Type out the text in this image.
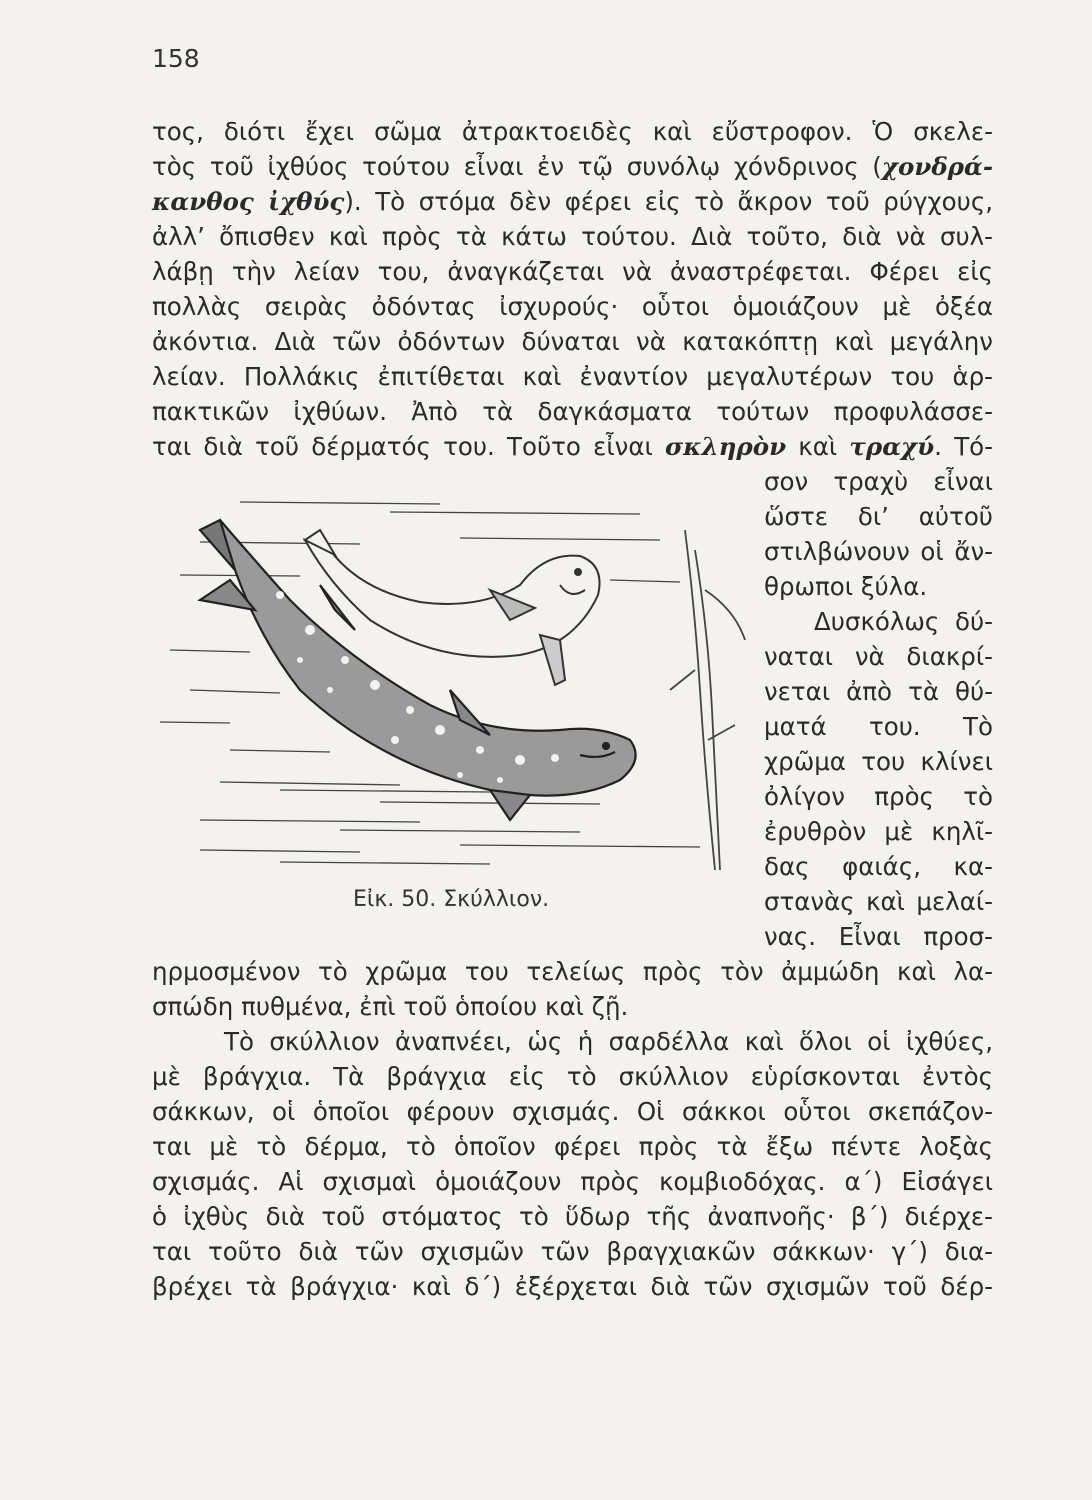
158
τος, διότι ἔχει σῶμα ἀτρακτοειδὲς καὶ εὔστροφον. Ὁ σκελε-
τὸς τοῦ ἰχθύος τούτου εἶναι ἐν τῷ συνόλῳ χόνδρινος (χονδρά-
κανθος ἰχθύς). Τὸ στόμα δὲν φέρει εἰς τὸ ἄκρον τοῦ ρύγχους,
ἀλλ’ ὄπισθεν καὶ πρὸς τὰ κάτω τούτου. Διὰ τοῦτο, διὰ νὰ συλ-
λάβῃ τὴν λείαν του, ἀναγκάζεται νὰ ἀναστρέφεται. Φέρει εἰς
πολλὰς σειρὰς ὀδόντας ἰσχυρούς· οὗτοι ὁμοιάζουν μὲ ὀξέα
ἀκόντια. Διὰ τῶν ὀδόντων δύναται νὰ κατακόπτῃ καὶ μεγάλην
λείαν. Πολλάκις ἐπιτίθεται καὶ ἐναντίον μεγαλυτέρων του ἁρ-
πακτικῶν ἰχθύων. Ἀπὸ τὰ δαγκάσματα τούτων προφυλάσσε-
ται διὰ τοῦ δέρματός του. Τοῦτο εἶναι σκληρὸν καὶ τραχύ. Τό-
σον τραχὺ εἶναι
ὥστε δι’ αὐτοῦ
στιλβώνουν οἱ ἄν-
θρωποι ξύλα.
Δυσκόλως δύ-
ναται νὰ διακρί-
νεται ἀπὸ τὰ θύ-
ματά του. Τὸ
χρῶμα του κλίνει
ὀλίγον πρὸς τὸ
ἐρυθρὸν μὲ κηλῖ-
δας φαιάς, κα-
στανὰς καὶ μελαί-
νας. Εἶναι προσ-
Εἰκ. 50. Σκύλλιον.
ηρμοσμένον τὸ χρῶμα του τελείως πρὸς τὸν ἀμμώδη καὶ λα-
σπώδη πυθμένα, ἐπὶ τοῦ ὁποίου καὶ ζῇ.
Τὸ σκύλλιον ἀναπνέει, ὡς ἡ σαρδέλλα καὶ ὅλοι οἱ ἰχθύες,
μὲ βράγχια. Τὰ βράγχια εἰς τὸ σκύλλιον εὑρίσκονται ἐντὸς
σάκκων, οἱ ὁποῖοι φέρουν σχισμάς. Οἱ σάκκοι οὗτοι σκεπάζον-
ται μὲ τὸ δέρμα, τὸ ὁποῖον φέρει πρὸς τὰ ἔξω πέντε λοξὰς
σχισμάς. Αἱ σχισμαὶ ὁμοιάζουν πρὸς κομβιοδόχας. α΄) Εἰσάγει
ὁ ἰχθὺς διὰ τοῦ στόματος τὸ ὕδωρ τῆς ἀναπνοῆς· β΄) διέρχε-
ται τοῦτο διὰ τῶν σχισμῶν τῶν βραγχιακῶν σάκκων· γ΄) δια-
βρέχει τὰ βράγχια· καὶ δ΄) ἐξέρχεται διὰ τῶν σχισμῶν τοῦ δέρ-
